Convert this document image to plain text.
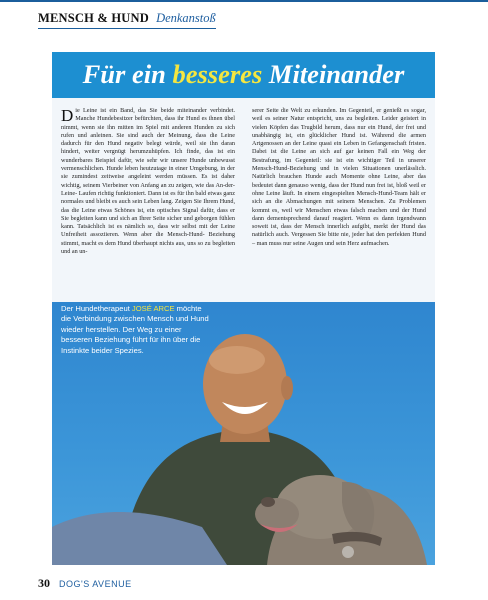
MENSCH & HUND Denkanstoß
Für ein besseres Miteinander

Die Leine ist ein Band, das Sie beide miteinander verbindet. Manche Hundebesitzer befürchten, dass ihr Hund es ihnen übel nimmt, wenn sie ihn mitten im Spiel mit anderen Hunden zu sich rufen und anleinen. Sie sind auch der Meinung, dass die Leine dadurch für den Hund negativ belegt würde, weil sie ihn daran hindert, weiter vergnügt herumzuhüpfen. Ich finde, das ist ein wunderbares Beispiel dafür, wie sehr wir unsere Hunde unbewusst vermenschlichen. Hunde leben heutzutage in einer Umgebung, in der sie zumindest zeitweise angeleint werden müssen. Es ist daher wichtig, seinem Vierbeiner von Anfang an zu zeigen, wie das An-der-Leine- Laufen richtig funktioniert. Dann ist es für ihn bald etwas ganz normales und bleibt es auch sein Leben lang. Zeigen Sie Ihrem Hund, das die Leine etwas Schönes ist, ein optisches Signal dafür, dass er Sie begleiten kann und sich an Ihrer Seite sicher und geborgen fühlen kann. Tatsächlich ist es nämlich so, dass wir selbst mit der Leine Unfreiheit assoziieren. Wenn aber die Mensch-Hund- Beziehung stimmt, macht es dem Hund überhaupt nichts aus, uns so zu begleiten und an un-

serer Seite die Welt zu erkunden. Im Gegenteil, er genießt es sogar, weil es seiner Natur entspricht, uns zu begleiten. Leider geistert in vielen Köpfen das Trugbild herum, dass nur ein Hund, der frei und unabhängig ist, ein glücklicher Hund ist. Während die armen Artgenossen an der Leine quasi ein Leben in Gefangenschaft fristen. Dabei ist die Leine an sich auf gar keinen Fall ein Weg der Bestrafung, im Gegenteil: sie ist ein wichtiger Teil in unserer Mensch-Hund-Beziehung und in vielen Situationen unerlässlich. Natürlich brauchen Hunde auch Momente ohne Leine, aber das bedeutet dann genauso wenig, dass der Hund nun frei ist, bloß weil er ohne Leine läuft. In einem eingespielten Mensch-Hund-Team hält er sich an die Abmachungen mit seinem Menschen. Zu Problemen kommt es, weil wir Menschen etwas falsch machen und der Hund dann dementsprechend darauf reagiert. Wenn es dann irgendwann soweit ist, dass der Mensch innerlich aufgibt, merkt der Hund das natürlich auch. Vergessen Sie bitte nie, jeder hat den perfekten Hund – man muss nur seine Augen und sein Herz aufmachen.

Der Hundetherapeut JOSÉ ARCE möchte die Verbindung zwischen Mensch und Hund wieder herstellen. Der Weg zu einer besseren Beziehung führt für ihn über die Instinkte beider Spezies.
30 DOG'S AVENUE
